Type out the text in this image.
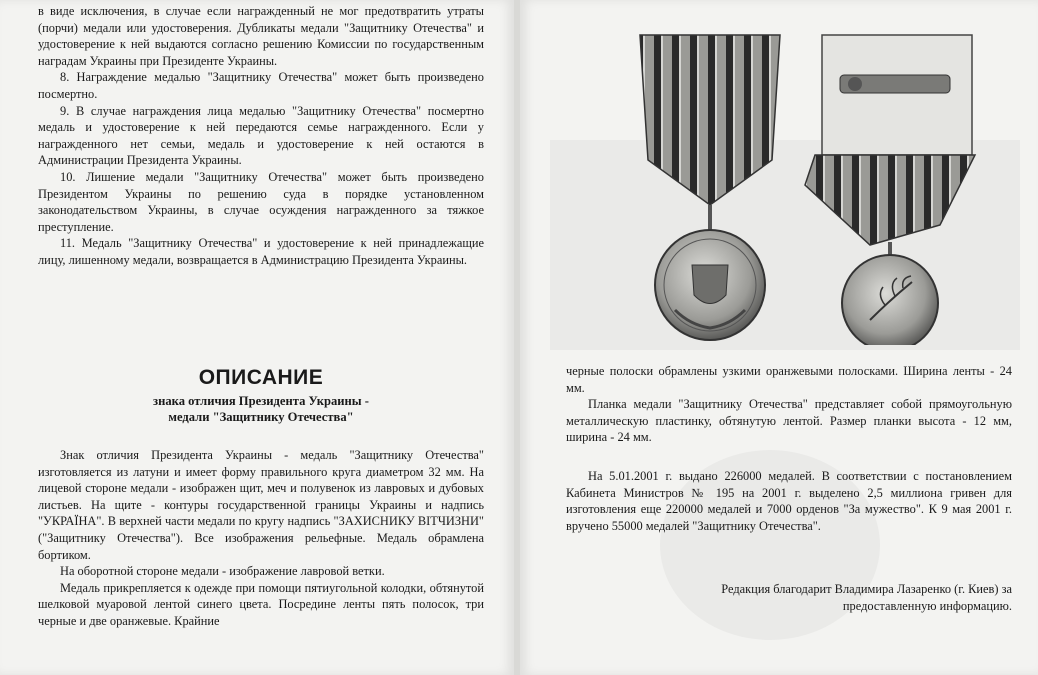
в виде исключения, в случае если награжденный не мог предотвратить утраты (порчи) медали или удостоверения. Дубликаты медали "Защитнику Отечества" и удостоверение к ней выдаются согласно решению Комиссии по государственным наградам Украины при Президенте Украины.

8. Награждение медалью "Защитнику Отечества" может быть произведено посмертно.

9. В случае награждения лица медалью "Защитнику Отечества" посмертно медаль и удостоверение к ней передаются семье награжденного. Если у награжденного нет семьи, медаль и удостоверение к ней остаются в Администрации Президента Украины.

10. Лишение медали "Защитнику Отечества" может быть произведено Президентом Украины по решению суда в порядке установленном законодательством Украины, в случае осуждения награжденного за тяжкое преступление.

11. Медаль "Защитнику Отечества" и удостоверение к ней принадлежащие лицу, лишенному медали, возвращается в Администрацию Президента Украины.

ОПИСАНИЕ
знака отличия Президента Украины -
медали "Защитнику Отечества"

Знак отличия Президента Украины - медаль "Защитнику Отечества" изготовляется из латуни и имеет форму правильного круга диаметром 32 мм. На лицевой стороне медали - изображен щит, меч и полувенок из лавровых и дубовых листьев. На щите - контуры государственной границы Украины и надпись "УКРАЇНА". В верхней части медали по кругу надпись "ЗАХИСНИКУ ВІТЧИЗНИ" ("Защитнику Отечества"). Все изображения рельефные. Медаль обрамлена бортиком.

На оборотной стороне медали - изображение лавровой ветки.

Медаль прикрепляется к одежде при помощи пятиугольной колодки, обтянутой шелковой муаровой лентой синего цвета. Посредине ленты пять полосок, три черные и две оранжевые. Крайние

черные полоски обрамлены узкими оранжевыми полосками. Ширина ленты - 24 мм.

Планка медали "Защитнику Отечества" представляет собой прямоугольную металлическую пластинку, обтянутую лентой. Размер планки высота - 12 мм, ширина - 24 мм.

На 5.01.2001 г. выдано 226000 медалей. В соответствии с постановлением Кабинета Министров № 195 на 2001 г. выделено 2,5 миллиона гривен для изготовления еще 220000 медалей и 7000 орденов "За мужество". К 9 мая 2001 г. вручено 55000 медалей "Защитнику Отечества".

Редакция благодарит Владимира Лазаренко (г. Киев) за

предоставленную информацию.
